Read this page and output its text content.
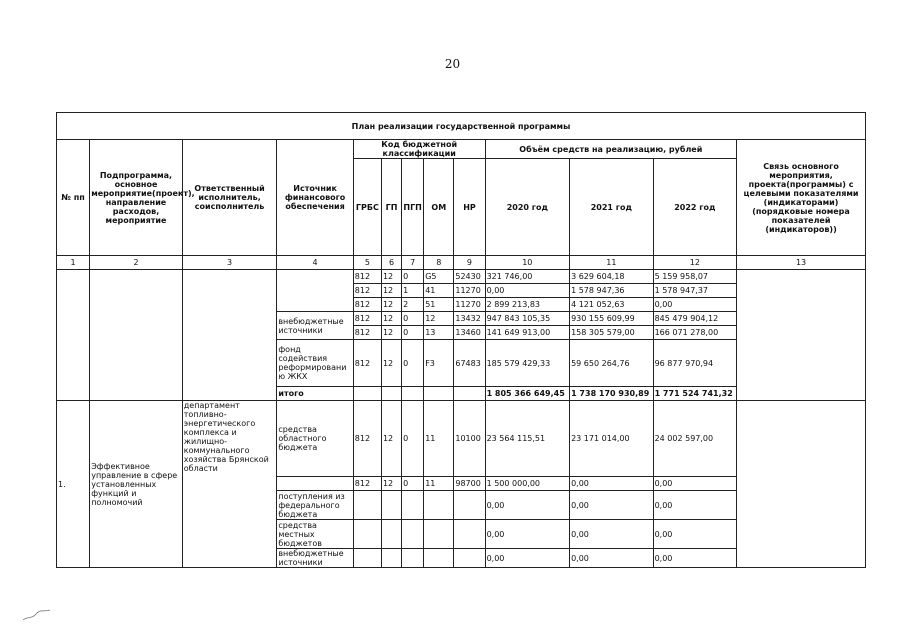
20
План реализации государственной программы												
№ пп	Подпрограмма, основное мероприятие(проект), направление расходов, мероприятие	Ответственный исполнитель, соисполнитель	Источник финансового обеспечения	Код бюджетной классификации					Объём средств на реализацию, рублей			Связь основного мероприятия, проекта(программы) с целевыми показателями (индикаторами) (порядковые номера показателей (индикаторов))
				ГРБС	ГП	ПГП	ОМ	НР	2020 год	2021 год	2022 год	
1	2	3	4	5	6	7	8	9	10	11	12	13
				812	12	0	G5	52430	321 746,00	3 629 604,18	5 159 958,07	
				812	12	1	41	11270	0,00	1 578 947,36	1 578 947,37	
				812	12	2	51	11270	2 899 213,83	4 121 052,63	0,00	
			внебюджетные источники	812	12	0	12	13432	947 843 105,35	930 155 609,99	845 479 904,12	
				812	12	0	13	13460	141 649 913,00	158 305 579,00	166 071 278,00	
			фонд содействия реформировани ю ЖКХ	812	12	0	F3	67483	185 579 429,33	59 650 264,76	96 877 970,94	
			итого						1 805 366 649,45	1 738 170 930,89	1 771 524 741,32	
1.	Эффективное управление в сфере установленных функций и полномочий	департамент топливно-энергетического комплекса и жилищно-коммунального хозяйства Брянской области	средства областного бюджета	812	12	0	11	10100	23 564 115,51	23 171 014,00	24 002 597,00	
				812	12	0	11	98700	1 500 000,00	0,00	0,00	
			поступления из федерального бюджета						0,00	0,00	0,00	
			средства местных бюджетов						0,00	0,00	0,00	
			внебюджетные источники						0,00	0,00	0,00	
